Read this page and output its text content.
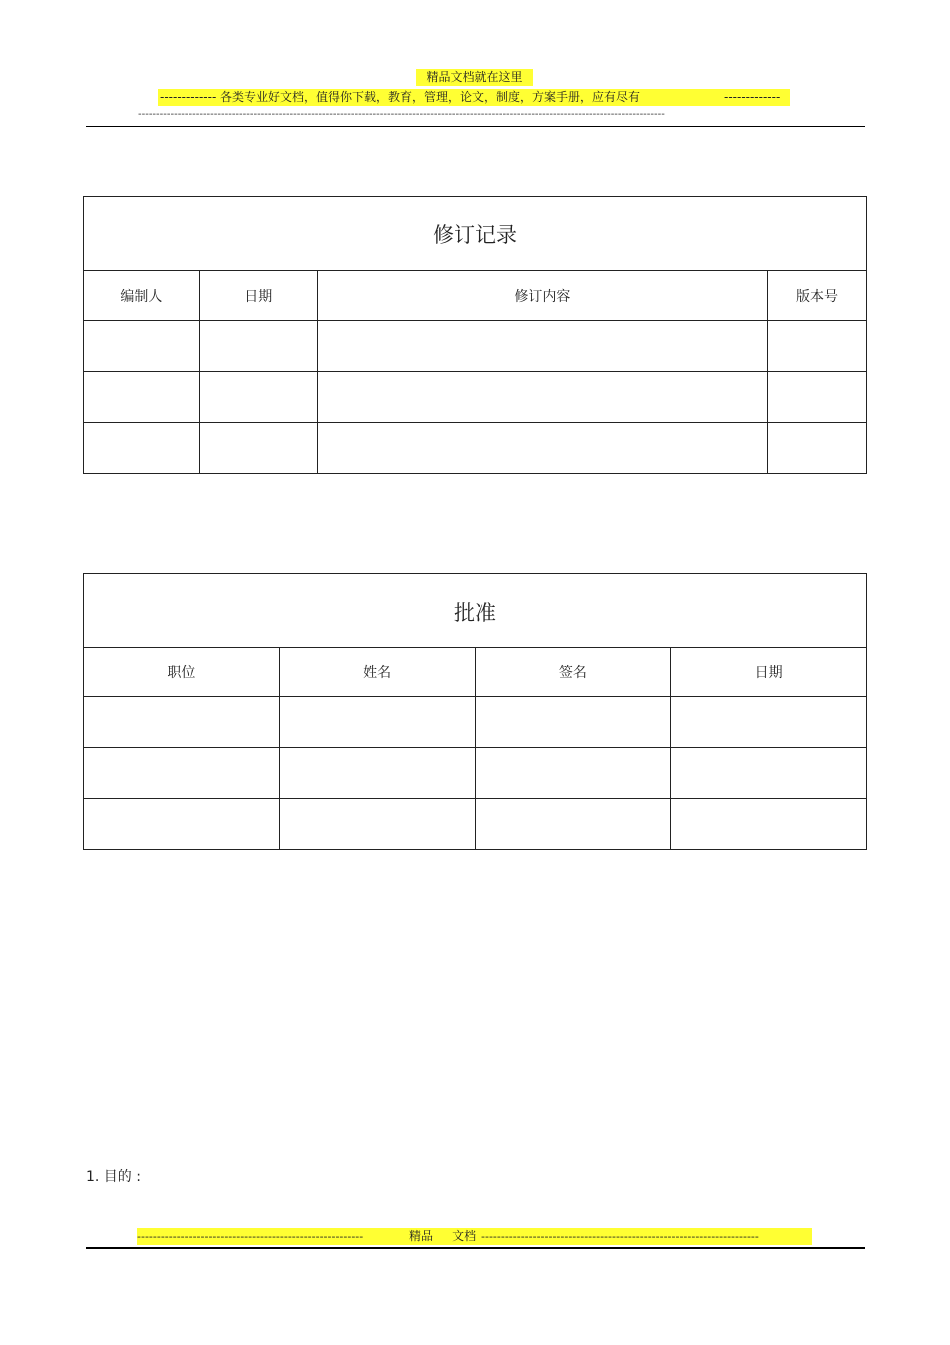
精品文档就在这里
------------- 各类专业好文档，值得你下载，教育，管理，论文，制度，方案手册，应有尽有	-------------
--------------------------------------------------------------------------------------------------------------------------------------------------
修订记录			
编制人	日期	修订内容	版本号

批准
职位	姓名	签名	日期

1. 目的 :
---------------------------------------------------------	精品 文档 ----------------------------------------------------------------------
